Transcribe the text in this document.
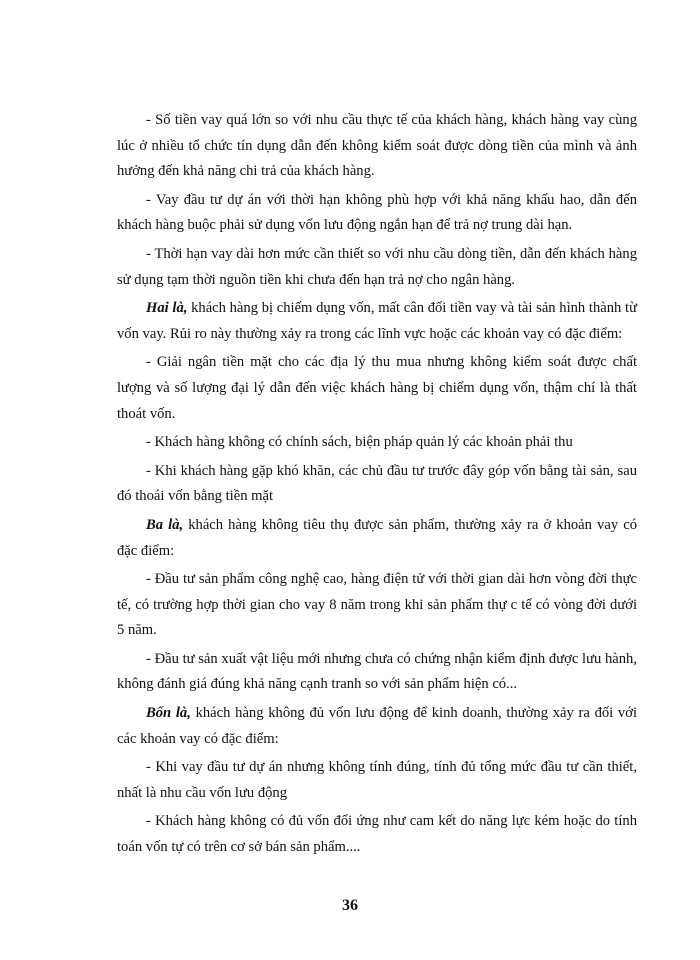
- Số tiền vay quá lớn so với nhu cầu thực tế của khách hàng, khách hàng vay cùng lúc ở nhiều tổ chức tín dụng dẫn đến không kiểm soát được dòng tiền của mình và ảnh hưởng đến khả năng chi trả của khách hàng.

- Vay đầu tư dự án với thời hạn không phù hợp với khả năng khấu hao, dẫn đến khách hàng buộc phải sử dụng vốn lưu động ngắn hạn để trả nợ trung dài hạn.

- Thời hạn vay dài hơn mức cần thiết so với nhu cầu dòng tiền, dẫn đến khách hàng sử dụng tạm thời nguồn tiền khi chưa đến hạn trả nợ cho ngân hàng.

Hai là, khách hàng bị chiếm dụng vốn, mất cân đối tiền vay và tài sản hình thành từ vốn vay. Rủi ro này thường xảy ra trong các lĩnh vực hoặc các khoản vay có đặc điểm:

- Giải ngân tiền mặt cho các địa lý thu mua nhưng không kiểm soát được chất lượng và số lượng đại lý dẫn đến việc khách hàng bị chiếm dụng vốn, thậm chí là thất thoát vốn.

- Khách hàng không có chính sách, biện pháp quản lý các khoản phải thu

- Khi khách hàng gặp khó khăn, các chủ đầu tư trước đây góp vốn bằng tài sản, sau đó thoái vốn bằng tiền mặt

Ba là, khách hàng không tiêu thụ được sản phẩm, thường xảy ra ở khoản vay có đặc điểm:

- Đầu tư sản phẩm công nghệ cao, hàng điện tử với thời gian dài hơn vòng đời thực tế, có trường hợp thời gian cho vay 8 năm trong khi sản phẩm thự c tế có vòng đời dưới 5 năm.

- Đầu tư sản xuất vật liệu mới nhưng chưa có chứng nhận kiểm định được lưu hành, không đánh giá đúng khả năng cạnh tranh so với sản phẩm hiện có...

Bốn là, khách hàng không đủ vốn lưu động để kinh doanh, thường xảy ra đối với các khoản vay có đặc điểm:

- Khi vay đầu tư dự án nhưng không tính đúng, tính đủ tổng mức đầu tư cần thiết, nhất là nhu cầu vốn lưu động

- Khách hàng không có đủ vốn đối ứng như cam kết do năng lực kém hoặc do tính toán vốn tự có trên cơ sở bán sản phẩm....

36
